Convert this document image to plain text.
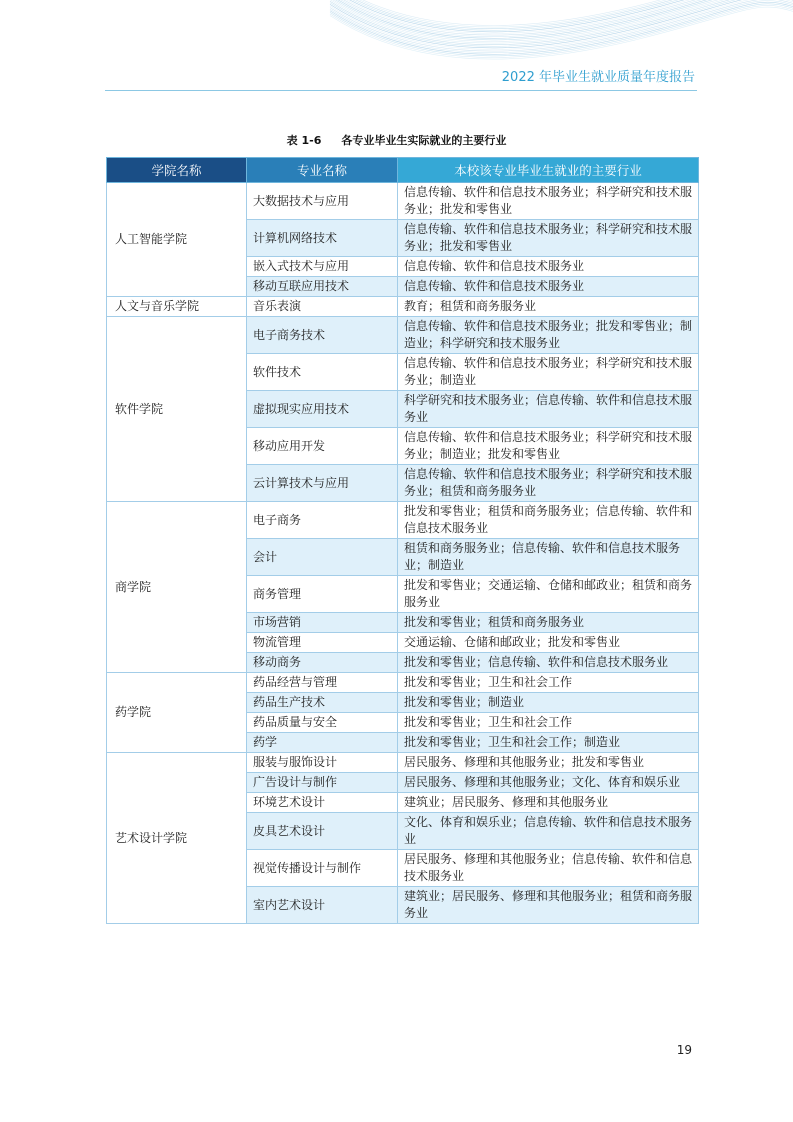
2022 年毕业生就业质量年度报告
表 1-6 各专业毕业生实际就业的主要行业
学院名称	专业名称	本校该专业毕业生就业的主要行业
人工智能学院	大数据技术与应用	信息传输、软件和信息技术服务业；科学研究和技术服务业；批发和零售业
	计算机网络技术	信息传输、软件和信息技术服务业；科学研究和技术服务业；批发和零售业
	嵌入式技术与应用	信息传输、软件和信息技术服务业
	移动互联应用技术	信息传输、软件和信息技术服务业
人文与音乐学院	音乐表演	教育；租赁和商务服务业
软件学院	电子商务技术	信息传输、软件和信息技术服务业；批发和零售业；制造业；科学研究和技术服务业
	软件技术	信息传输、软件和信息技术服务业；科学研究和技术服务业；制造业
	虚拟现实应用技术	科学研究和技术服务业；信息传输、软件和信息技术服务业
	移动应用开发	信息传输、软件和信息技术服务业；科学研究和技术服务业；制造业；批发和零售业
	云计算技术与应用	信息传输、软件和信息技术服务业；科学研究和技术服务业；租赁和商务服务业
商学院	电子商务	批发和零售业；租赁和商务服务业；信息传输、软件和信息技术服务业
	会计	租赁和商务服务业；信息传输、软件和信息技术服务业；制造业
	商务管理	批发和零售业；交通运输、仓储和邮政业；租赁和商务服务业
	市场营销	批发和零售业；租赁和商务服务业
	物流管理	交通运输、仓储和邮政业；批发和零售业
	移动商务	批发和零售业；信息传输、软件和信息技术服务业
药学院	药品经营与管理	批发和零售业；卫生和社会工作
	药品生产技术	批发和零售业；制造业
	药品质量与安全	批发和零售业；卫生和社会工作
	药学	批发和零售业；卫生和社会工作；制造业
艺术设计学院	服装与服饰设计	居民服务、修理和其他服务业；批发和零售业
	广告设计与制作	居民服务、修理和其他服务业；文化、体育和娱乐业
	环境艺术设计	建筑业；居民服务、修理和其他服务业
	皮具艺术设计	文化、体育和娱乐业；信息传输、软件和信息技术服务业
	视觉传播设计与制作	居民服务、修理和其他服务业；信息传输、软件和信息技术服务业
	室内艺术设计	建筑业；居民服务、修理和其他服务业；租赁和商务服务业
19
